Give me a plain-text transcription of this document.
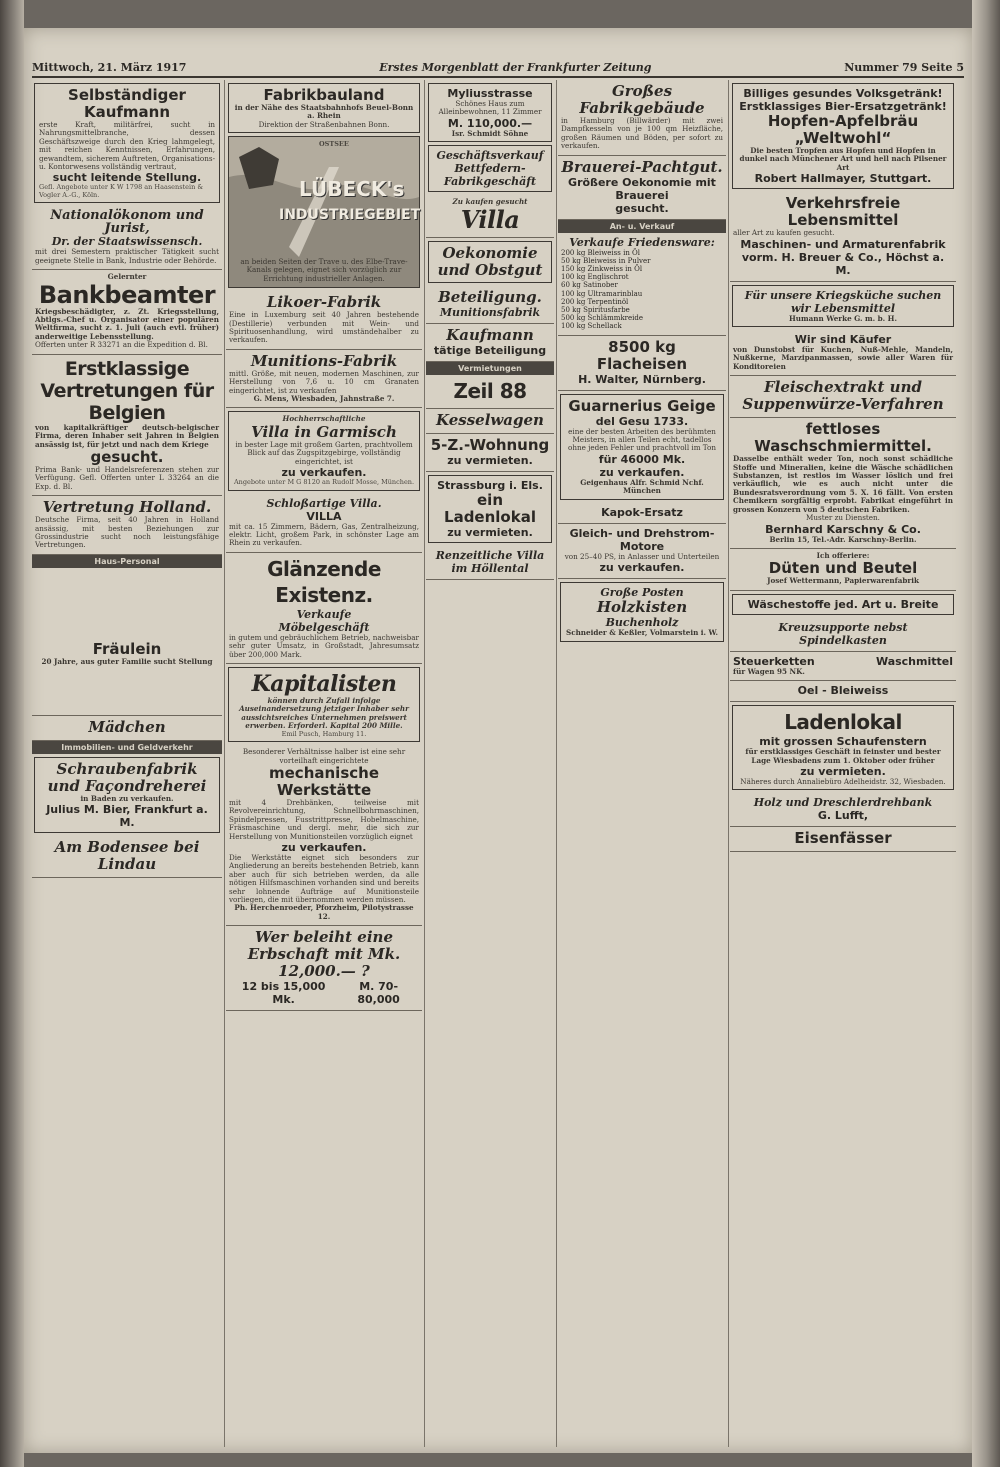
Mittwoch, 21. März 1917	Erstes Morgenblatt der Frankfurter Zeitung	Nummer 79 Seite 5
Selbständiger Kaufmann
erste Kraft, militärfrei, sucht in Nahrungsmittelbranche, dessen Geschäftszweige durch den Krieg lahmgelegt, mit reichen Kenntnissen, Erfahrungen, gewandtem, sicherem Auftreten, Organisations- u. Kontorwesens vollständig vertraut,
sucht leitende Stellung.
Gefl. Angebote unter K W 1798 an Haasenstein & Vogler A.-G., Köln.
Nationalökonom und Jurist,
Dr. der Staatswissensch.
mit drei Semestern praktischer Tätigkeit sucht geeignete Stelle in Bank, Industrie oder Behörde.
Gelernter
Bankbeamter
Kriegsbeschädigter, z. Zt. Kriegsstellung, Abtlgs.-Chef u. Organisator einer populären Weltfirma, sucht z. 1. Juli (auch evtl. früher) anderweitige Lebensstellung.
Offerten unter R 33271 an die Expedition d. Bl.
Erstklassige Vertretungen für Belgien
von kapitalkräftiger deutsch-belgischer Firma, deren Inhaber seit Jahren in Belgien ansässig ist, für jetzt und nach dem Kriege
gesucht.
Prima Bank- und Handelsreferenzen stehen zur Verfügung. Gefl. Offerten unter L 33264 an die Exp. d. Bl.
Vertretung Holland.
Deutsche Firma, seit 40 Jahren in Holland ansässig, mit besten Beziehungen zur Grossindustrie sucht noch leistungsfähige Vertretungen.
Haus-Personal
Fräulein
20 Jahre, aus guter Familie sucht Stellung
Mädchen
Immobilien- und Geldverkehr
Schraubenfabrik und Façondreherei
in Baden zu verkaufen.
Julius M. Bier, Frankfurt a. M.
Am Bodensee bei Lindau
Fabrikbauland
in der Nähe des Staatsbahnhofs Beuel-Bonn a. Rhein
Direktion der Straßenbahnen Bonn.
OSTSEE
LÜBECK's
INDUSTRIEGEBIET
an beiden Seiten der Trave u. des Elbe-Trave-Kanals gelegen, eignet sich vorzüglich zur Errichtung industrieller Anlagen.
Likoer-Fabrik
Eine in Luxemburg seit 40 Jahren bestehende (Destillerie) verbunden mit Wein- und Spirituosenhandlung, wird umständehalber zu verkaufen.
Munitions-Fabrik
mittl. Größe, mit neuen, modernen Maschinen, zur Herstellung von 7,6 u. 10 cm Granaten eingerichtet, ist zu verkaufen
G. Mens, Wiesbaden, Jahnstraße 7.
Hochherrschaftliche
Villa in Garmisch
in bester Lage mit großem Garten, prachtvollem Blick auf das Zugspitzgebirge, vollständig eingerichtet, ist
zu verkaufen.
Angebote unter M G 8120 an Rudolf Mosse, München.
Schloßartige Villa.
VILLA
mit ca. 15 Zimmern, Bädern, Gas, Zentralheizung, elektr. Licht, großem Park, in schönster Lage am Rhein zu verkaufen.
Glänzende Existenz.
Verkaufe
Möbelgeschäft
in gutem und gebräuchlichem Betrieb, nachweisbar sehr guter Umsatz, in Großstadt, Jahresumsatz über 200,000 Mark.
Kapitalisten
können durch Zufall infolge Auseinandersetzung jetziger Inhaber sehr aussichtsreiches Unternehmen preiswert erwerben. Erforderl. Kapital 200 Mille.
Emil Pusch, Hamburg 11.
Besonderer Verhältnisse halber ist eine sehr vorteilhaft eingerichtete
mechanische Werkstätte
mit 4 Drehbänken, teilweise mit Revolvereinrichtung, Schnellbohrmaschinen, Spindelpressen, Fusstrittpresse, Hobelmaschine, Fräsmaschine und dergl. mehr, die sich zur Herstellung von Munitionsteilen vorzüglich eignet
zu verkaufen.
Die Werkstätte eignet sich besonders zur Angliederung an bereits bestehenden Betrieb, kann aber auch für sich betrieben werden, da alle nötigen Hilfsmaschinen vorhanden sind und bereits sehr lohnende Aufträge auf Munitionsteile vorliegen, die mit übernommen werden müssen.
Ph. Herchenroeder, Pforzheim, Pilotystrasse 12.
Wer beleiht eine Erbschaft mit Mk. 12,000.— ?
12 bis 15,000 Mk.
M. 70-80,000
Myliusstrasse
Schönes Haus zum Alleinbewohnen, 11 Zimmer
M. 110,000.—
Isr. Schmidt Söhne
Geschäftsverkauf
Bettfedern-Fabrikgeschäft
Zu kaufen gesucht
Villa
Oekonomie und Obstgut
Beteiligung.
Munitionsfabrik
Kaufmann
tätige Beteiligung
Vermietungen
Zeil 88
Kesselwagen
5-Z.-Wohnung
zu vermieten.
Strassburg i. Els.
ein Ladenlokal
zu vermieten.
Renzeitliche Villa im Höllental
Großes Fabrikgebäude
in Hamburg (Billwärder) mit zwei Dampfkesseln von je 100 qm Heizfläche, großen Räumen und Böden, per sofort zu verkaufen.
Brauerei-Pachtgut.
Größere Oekonomie mit Brauerei
gesucht.
An- u. Verkauf
Verkaufe Friedensware:
200 kg Bleiweiss in Öl
50 kg Bleiweiss in Pulver
150 kg Zinkweiss in Öl
100 kg Englischrot
60 kg Satinober
100 kg Ultramarinblau
200 kg Terpentinöl
50 kg Spiritusfarbe
500 kg Schlämmkreide
100 kg Schellack
8500 kg Flacheisen
H. Walter, Nürnberg.
Guarnerius Geige
del Gesu 1733.
eine der besten Arbeiten des berühmten Meisters, in allen Teilen echt, tadellos ohne jeden Fehler und prachtvoll im Ton
für 46000 Mk.
zu verkaufen.
Geigenhaus Alfr. Schmid Nchf. München
Kapok-Ersatz
Gleich- und Drehstrom-Motore
von 25–40 PS, in Anlasser und Unterteilen
zu verkaufen.
Große Posten
Holzkisten
Buchenholz
Schneider & Keßler, Volmarstein i. W.
Billiges gesundes Volksgetränk!
Erstklassiges Bier-Ersatzgetränk!
Hopfen-Apfelbräu „Weltwohl“
Die besten Tropfen aus Hopfen und Hopfen in dunkel nach Münchener Art und hell nach Pilsener Art
Robert Hallmayer, Stuttgart.
Verkehrsfreie Lebensmittel
aller Art zu kaufen gesucht.
Maschinen- und Armaturenfabrik vorm. H. Breuer & Co., Höchst a. M.
Für unsere Kriegsküche suchen wir Lebensmittel
Humann Werke G. m. b. H.
Wir sind Käufer
von Dunstobst für Kuchen, Nuß-Mehle, Mandeln, Nußkerne, Marzipanmassen, sowie aller Waren für Konditoreien
Fleischextrakt und Suppenwürze-Verfahren
fettloses Waschschmiermittel.
Dasselbe enthält weder Ton, noch sonst schädliche Stoffe und Mineralien, keine die Wäsche schädlichen Substanzen, ist restlos im Wasser löslich und frei verkäuflich, wie es auch nicht unter die Bundesratsverordnung vom 5. X. 16 fällt. Von ersten Chemikern sorgfältig erprobt. Fabrikat eingeführt in grossen Konzern von 5 deutschen Fabriken.
Muster zu Diensten.
Bernhard Karschny & Co.
Berlin 15, Tel.-Adr. Karschny-Berlin.
Ich offeriere:
Düten und Beutel
Josef Wettermann, Papierwarenfabrik
Wäschestoffe jed. Art u. Breite
Kreuzsupporte nebst Spindelkasten
Steuerketten
für Wagen 95 NK.
Waschmittel
Oel - Bleiweiss
Ladenlokal
mit grossen Schaufenstern
für erstklassiges Geschäft in feinster und bester Lage Wiesbadens zum 1. Oktober oder früher
zu vermieten.
Näheres durch Annaliebüro Adelheidstr. 32, Wiesbaden.
Holz und Dreschlerdrehbank
G. Lufft,
Eisenfässer
